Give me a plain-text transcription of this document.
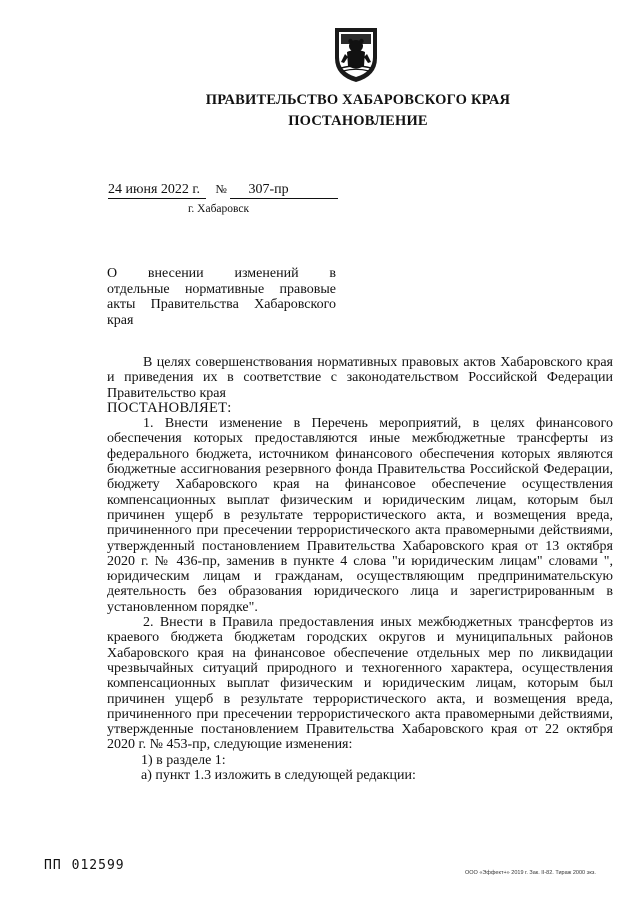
ПРАВИТЕЛЬСТВО ХАБАРОВСКОГО КРАЯ
ПОСТАНОВЛЕНИЕ
24 июня 2022 г. № 307-пр
г. Хабаровск
О внесении изменений в
отдельные нормативные правовые
акты Правительства Хабаровского
края

В целях совершенствования нормативных правовых актов Хабаровского края и приведения их в соответствие с законодательством Российской Федерации Правительство края

ПОСТАНОВЛЯЕТ:

1. Внести изменение в Перечень мероприятий, в целях финансового обеспечения которых предоставляются иные межбюджетные трансферты из федерального бюджета, источником финансового обеспечения которых являются бюджетные ассигнования резервного фонда Правительства Российской Федерации, бюджету Хабаровского края на финансовое обеспечение осуществления компенсационных выплат физическим и юридическим лицам, которым был причинен ущерб в результате террористического акта, и возмещения вреда, причиненного при пресечении террористического акта правомерными действиями, утвержденный постановлением Правительства Хабаровского края от 13 октября 2020 г. № 436-пр, заменив в пункте 4 слова "и юридическим лицам" словами ", юридическим лицам и гражданам, осуществляющим предпринимательскую деятельность без образования юридического лица и зарегистрированным в установленном порядке".

2. Внести в Правила предоставления иных межбюджетных трансфертов из краевого бюджета бюджетам городских округов и муниципальных районов Хабаровского края на финансовое обеспечение отдельных мер по ликвидации чрезвычайных ситуаций природного и техногенного характера, осуществления компенсационных выплат физическим и юридическим лицам, которым был причинен ущерб в результате террористического акта, и возмещения вреда, причиненного при пресечении террористического акта правомерными действиями, утвержденные постановлением Правительства Хабаровского края от 22 октября 2020 г. № 453-пр, следующие изменения:

1) в разделе 1:

а) пункт 1.3 изложить в следующей редакции:

ПП 012599	ООО «Эффект+» 2019 г. Зак. II-82. Тираж 2000 экз.
